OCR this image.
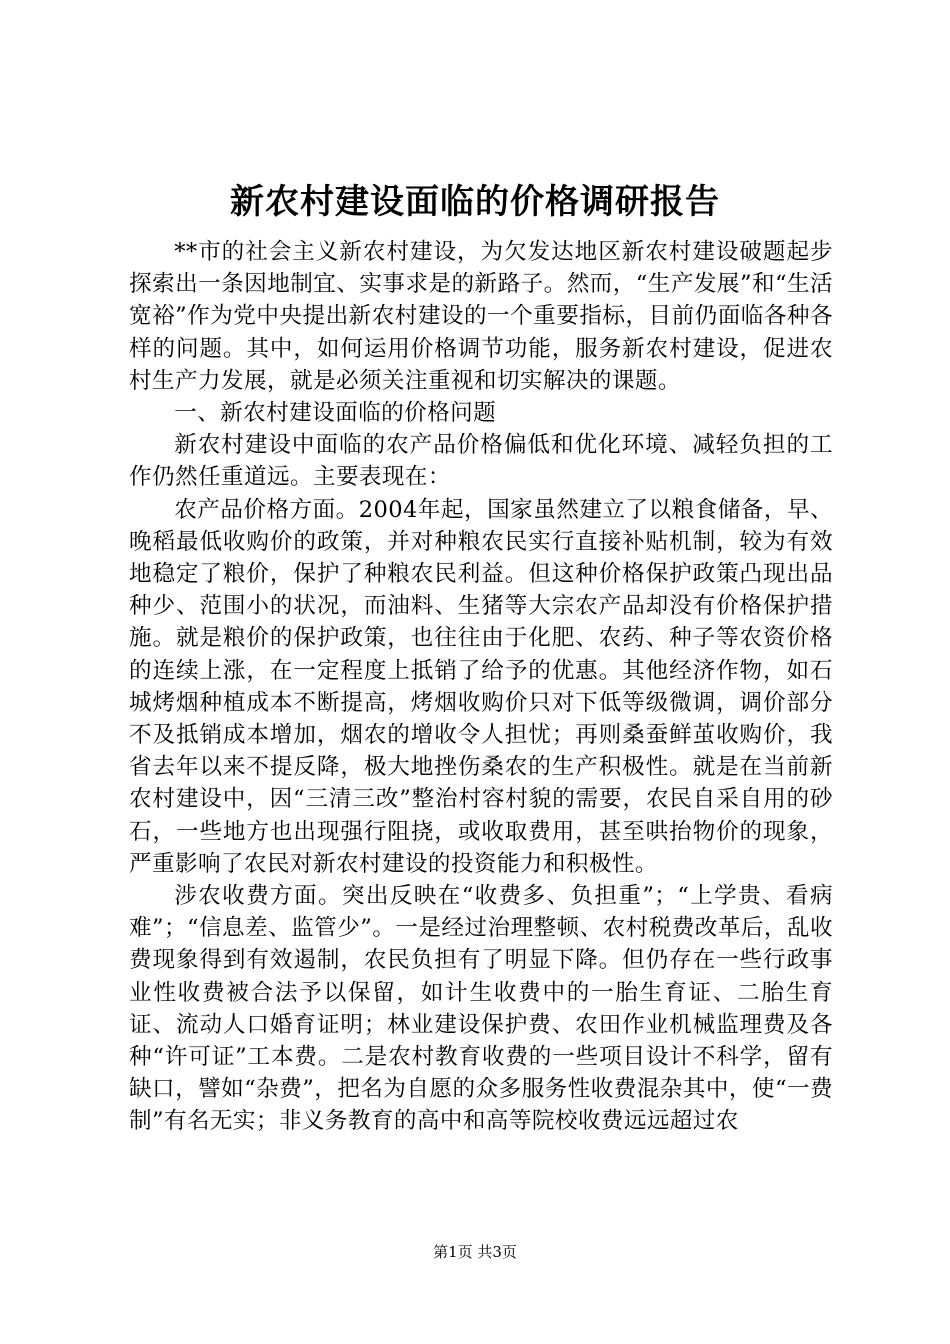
新农村建设面临的价格调研报告

**市的社会主义新农村建设，为欠发达地区新农村建设破题起步探索出一条因地制宜、实事求是的新路子。然而，“生产发展”和“生活宽裕”作为党中央提出新农村建设的一个重要指标，目前仍面临各种各样的问题。其中，如何运用价格调节功能，服务新农村建设，促进农村生产力发展，就是必须关注重视和切实解决的课题。

一、新农村建设面临的价格问题

新农村建设中面临的农产品价格偏低和优化环境、减轻负担的工作仍然任重道远。主要表现在：

农产品价格方面。2004年起，国家虽然建立了以粮食储备，早、晚稻最低收购价的政策，并对种粮农民实行直接补贴机制，较为有效地稳定了粮价，保护了种粮农民利益。但这种价格保护政策凸现出品种少、范围小的状况，而油料、生猪等大宗农产品却没有价格保护措施。就是粮价的保护政策，也往往由于化肥、农药、种子等农资价格的连续上涨，在一定程度上抵销了给予的优惠。其他经济作物，如石城烤烟种植成本不断提高，烤烟收购价只对下低等级微调，调价部分不及抵销成本增加，烟农的增收令人担忧；再则桑蚕鲜茧收购价，我省去年以来不提反降，极大地挫伤桑农的生产积极性。就是在当前新农村建设中，因“三清三改”整治村容村貌的需要，农民自采自用的砂石，一些地方也出现强行阻挠，或收取费用，甚至哄抬物价的现象，严重影响了农民对新农村建设的投资能力和积极性。

涉农收费方面。突出反映在“收费多、负担重”；“上学贵、看病难”；“信息差、监管少”。一是经过治理整顿、农村税费改革后，乱收费现象得到有效遏制，农民负担有了明显下降。但仍存在一些行政事业性收费被合法予以保留，如计生收费中的一胎生育证、二胎生育证、流动人口婚育证明；林业建设保护费、农田作业机械监理费及各种“许可证”工本费。二是农村教育收费的一些项目设计不科学，留有缺口，譬如“杂费”，把名为自愿的众多服务性收费混杂其中，使“一费制”有名无实；非义务教育的高中和高等院校收费远远超过农

第1页 共3页
